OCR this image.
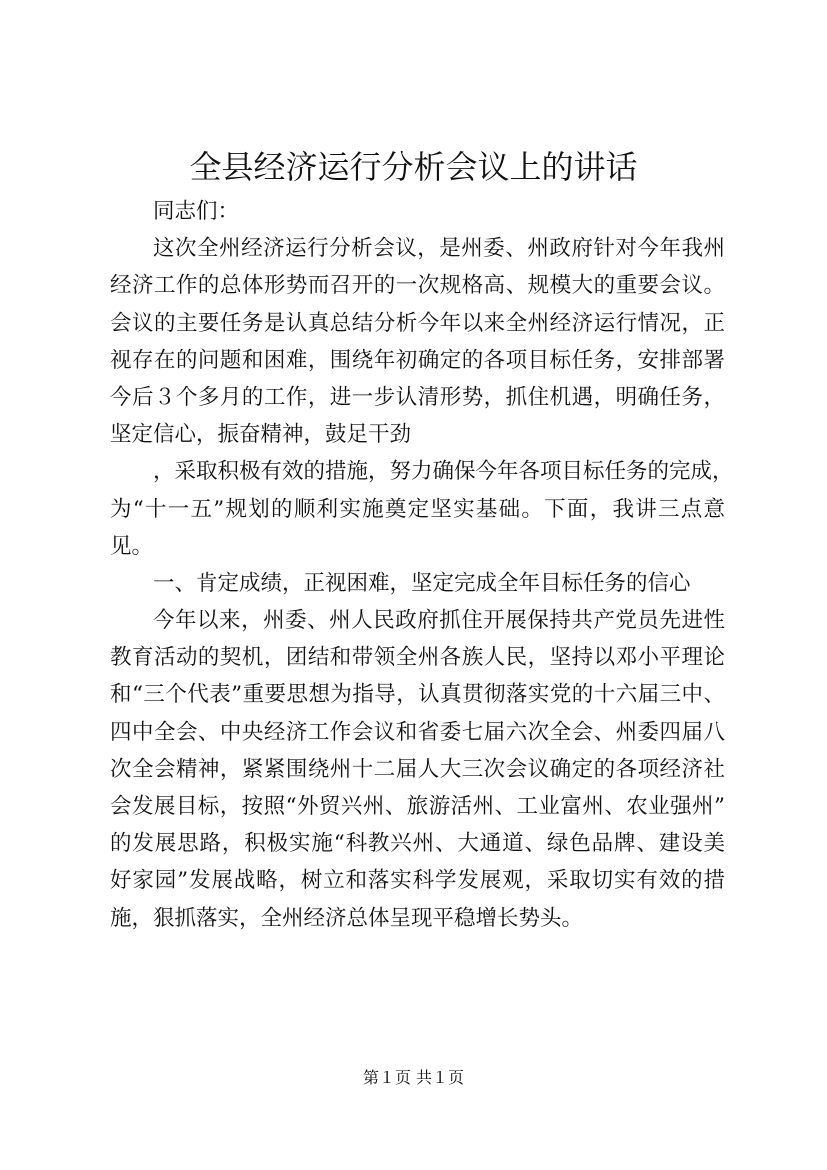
全县经济运行分析会议上的讲话
同志们：
这次全州经济运行分析会议，是州委、州政府针对今年我州
经济工作的总体形势而召开的一次规格高、规模大的重要会议。
会议的主要任务是认真总结分析今年以来全州经济运行情况，正
视存在的问题和困难，围绕年初确定的各项目标任务，安排部署
今后３个多月的工作，进一步认清形势，抓住机遇，明确任务，
坚定信心，振奋精神，鼓足干劲
，采取积极有效的措施，努力确保今年各项目标任务的完成，
为“十一五”规划的顺利实施奠定坚实基础。下面，我讲三点意
见。
一、肯定成绩，正视困难，坚定完成全年目标任务的信心
今年以来，州委、州人民政府抓住开展保持共产党员先进性
教育活动的契机，团结和带领全州各族人民，坚持以邓小平理论
和“三个代表”重要思想为指导，认真贯彻落实党的十六届三中、
四中全会、中央经济工作会议和省委七届六次全会、州委四届八
次全会精神，紧紧围绕州十二届人大三次会议确定的各项经济社
会发展目标，按照“外贸兴州、旅游活州、工业富州、农业强州”
的发展思路，积极实施“科教兴州、大通道、绿色品牌、建设美
好家园”发展战略，树立和落实科学发展观，采取切实有效的措
施，狠抓落实，全州经济总体呈现平稳增长势头。
第１页 共１页
